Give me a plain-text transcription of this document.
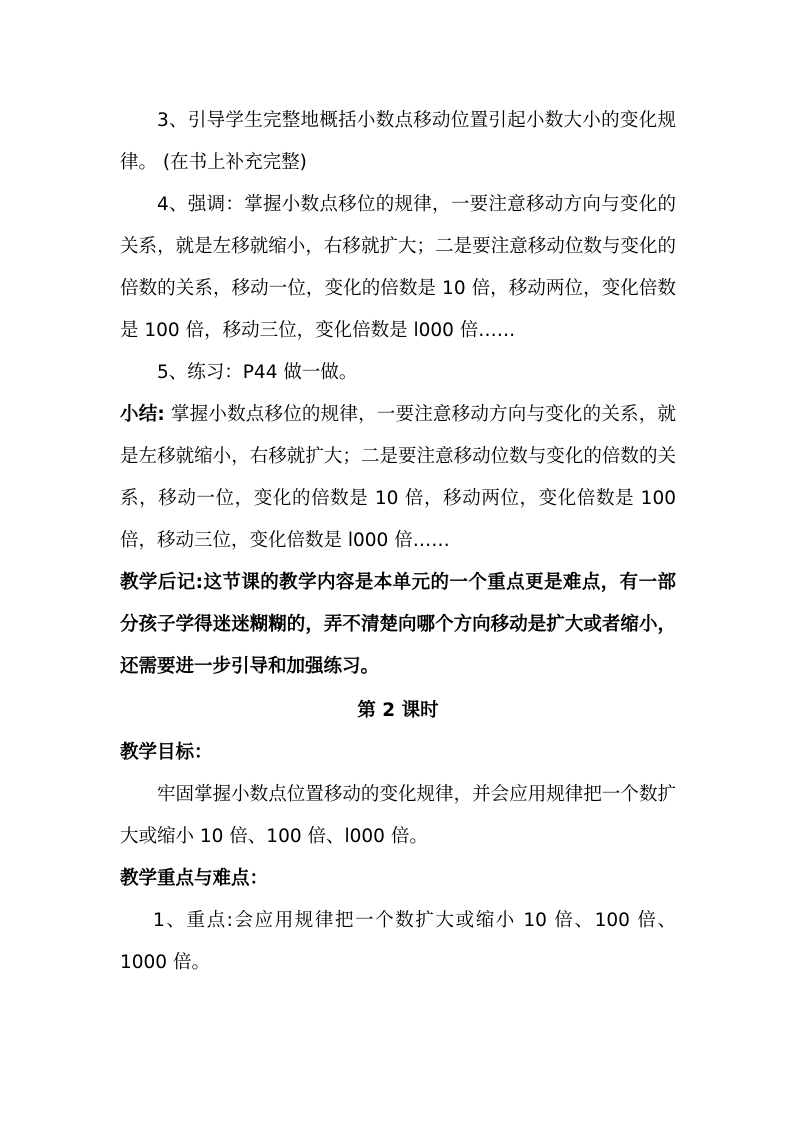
3、引导学生完整地概括小数点移动位置引起小数大小的变化规律。 (在书上补充完整)

4、强调：掌握小数点移位的规律，一要注意移动方向与变化的关系，就是左移就缩小，右移就扩大；二是要注意移动位数与变化的倍数的关系，移动一位，变化的倍数是 10 倍，移动两位，变化倍数是 100 倍，移动三位，变化倍数是 l000 倍……

5、练习：P44 做一做。

小结: 掌握小数点移位的规律，一要注意移动方向与变化的关系，就是左移就缩小，右移就扩大；二是要注意移动位数与变化的倍数的关系，移动一位，变化的倍数是 10 倍，移动两位，变化倍数是 100 倍，移动三位，变化倍数是 l000 倍……

教学后记:这节课的教学内容是本单元的一个重点更是难点，有一部分孩子学得迷迷糊糊的，弄不清楚向哪个方向移动是扩大或者缩小，还需要进一步引导和加强练习。

第 2 课时

教学目标：

牢固掌握小数点位置移动的变化规律，并会应用规律把一个数扩大或缩小 10 倍、100 倍、l000 倍。

教学重点与难点：

1、重点:会应用规律把一个数扩大或缩小 10 倍、100 倍、1000 倍。
